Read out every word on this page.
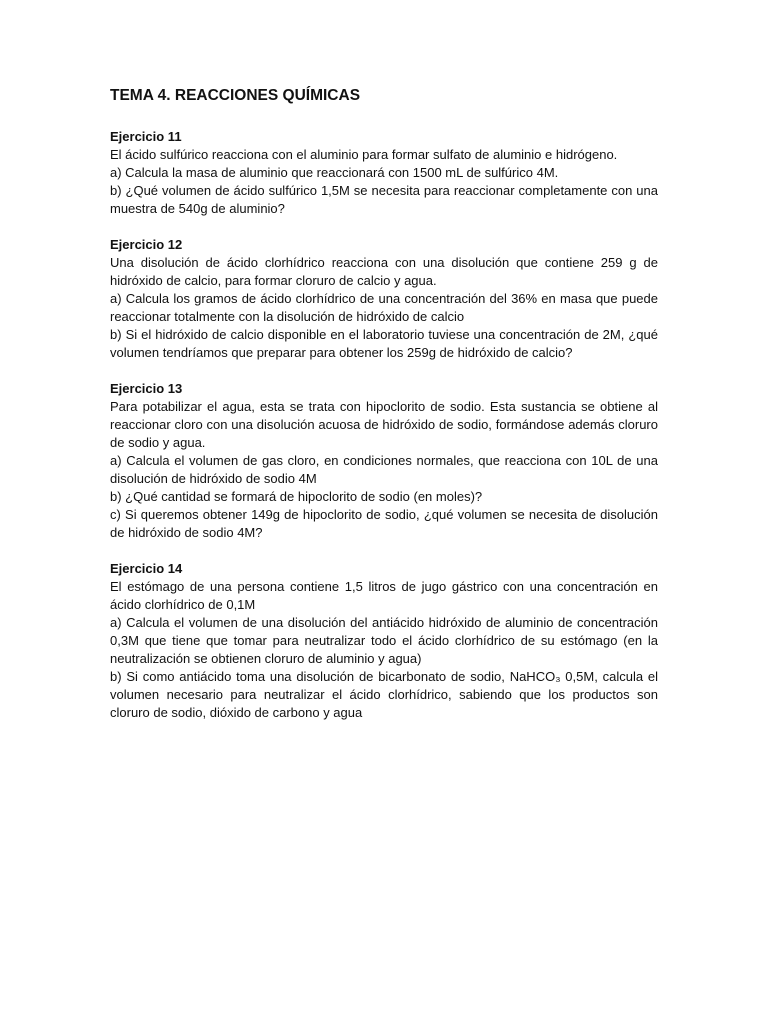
TEMA 4. REACCIONES QUÍMICAS

Ejercicio 11

El ácido sulfúrico reacciona con el aluminio para formar sulfato de aluminio e hidrógeno.

a) Calcula la masa de aluminio que reaccionará con 1500 mL de sulfúrico 4M.

b) ¿Qué volumen de ácido sulfúrico 1,5M se necesita para reaccionar completamente con una muestra de 540g de aluminio?

Ejercicio 12

Una disolución de ácido clorhídrico reacciona con una disolución que contiene 259 g de hidróxido de calcio, para formar cloruro de calcio y agua.

a) Calcula los gramos de ácido clorhídrico de una concentración del 36% en masa que puede reaccionar totalmente con la disolución de hidróxido de calcio

b) Si el hidróxido de calcio disponible en el laboratorio tuviese una concentración de 2M, ¿qué volumen tendríamos que preparar para obtener los 259g de hidróxido de calcio?

Ejercicio 13

Para potabilizar el agua, esta se trata con hipoclorito de sodio. Esta sustancia se obtiene al reaccionar cloro con una disolución acuosa de hidróxido de sodio, formándose además cloruro de sodio y agua.

a) Calcula el volumen de gas cloro, en condiciones normales, que reacciona con 10L de una disolución de hidróxido de sodio 4M

b) ¿Qué cantidad se formará de hipoclorito de sodio (en moles)?

c) Si queremos obtener 149g de hipoclorito de sodio, ¿qué volumen se necesita de disolución de hidróxido de sodio 4M?

Ejercicio 14

El estómago de una persona contiene 1,5 litros de jugo gástrico con una concentración en ácido clorhídrico de 0,1M

a) Calcula el volumen de una disolución del antiácido hidróxido de aluminio de concentración 0,3M que tiene que tomar para neutralizar todo el ácido clorhídrico de su estómago (en la neutralización se obtienen cloruro de aluminio y agua)

b) Si como antiácido toma una disolución de bicarbonato de sodio, NaHCO₃ 0,5M, calcula el volumen necesario para neutralizar el ácido clorhídrico, sabiendo que los productos son cloruro de sodio, dióxido de carbono y agua
